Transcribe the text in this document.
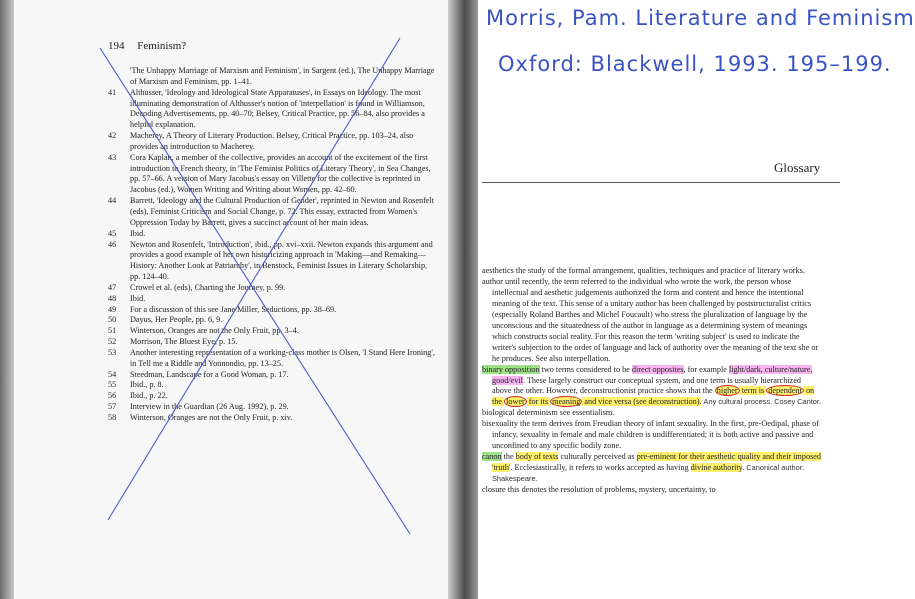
194 Feminism?
'The Unhappy Marriage of Marxism and Feminism', in Sargent (ed.), The Unhappy Marriage of Marxism and Feminism, pp. 1–41.
41	Althusser, 'Ideology and Ideological State Apparatuses', in Essays on Ideology. The most illuminating demonstration of Althusser's notion of 'interpellation' is found in Williamson, Decoding Advertisements, pp. 40–70; Belsey, Critical Practice, pp. 56–84, also provides a helpful explanation.
42	Macherey, A Theory of Literary Production. Belsey, Critical Practice, pp. 103–24, also provides an introduction to Macherey.
43	Cora Kaplan, a member of the collective, provides an account of the excitement of the first introduction to French theory, in 'The Feminist Politics of Literary Theory', in Sea Changes, pp. 57–66. A version of Mary Jacobus's essay on Villette for the collective is reprinted in Jacobus (ed.), Women Writing and Writing about Women, pp. 42–60.
44	Barrett, 'Ideology and the Cultural Production of Gender', reprinted in Newton and Rosenfelt (eds), Feminist Criticism and Social Change, p. 72. This essay, extracted from Women's Oppression Today by Barrett, gives a succinct account of her main ideas.
45	Ibid.
46	Newton and Rosenfelt, 'Introduction', ibid., pp. xvi–xxii. Newton expands this argument and provides a good example of her own historicizing approach in 'Making—and Remaking—History: Another Look at Patriarchy', in Benstock, Feminist Issues in Literary Scholarship, pp. 124–40.
47	Crowel et al. (eds), Charting the Journey, p. 99.
48	Ibid.
49	For a discussion of this see Jane Miller, Seductions, pp. 38–69.
50	Dayus, Her People, pp. 6, 9.
51	Winterson, Oranges are not the Only Fruit, pp. 3–4.
52	Morrison, The Bluest Eye, p. 15.
53	Another interesting representation of a working-class mother is Olsen, 'I Stand Here Ironing', in Tell me a Riddle and Yonnondio, pp. 13–25.
54	Steedman, Landscape for a Good Woman, p. 17.
55	Ibid., p. 8.
56	Ibid., p. 22.
57	Interview in the Guardian (26 Aug. 1992), p. 29.
58	Winterson, Oranges are not the Only Fruit, p. xiv.
Morris, Pam. Literature and Feminism
Oxford: Blackwell, 1993. 195–199.
Glossary

aesthetics the study of the formal arrangement, qualities, techniques and practice of literary works.

author until recently, the term referred to the individual who wrote the work, the person whose intellectual and aesthetic judgements authorized the form and content and hence the intentional meaning of the text. This sense of a unitary author has been challenged by poststructuralist critics (especially Roland Barthes and Michel Foucault) who stress the pluralization of language by the unconscious and the situatedness of the author in language as a determining system of meanings which constructs social reality. For this reason the term 'writing subject' is used to indicate the writer's subjection to the order of language and lack of authority over the meaning of the text she or he produces. See also interpellation.

binary opposition two terms considered to be direct opposites, for example light/dark, culture/nature, good/evil. These largely construct our conceptual system, and one term is usually hierarchized above the other. However, deconstructionist practice shows that the higher term is dependent on the lower for its meaning and vice versa (see deconstruction). Any cultural process. Cosey Cantor.

biological determinism see essentialism.

bisexuality the term derives from Freudian theory of infant sexuality. In the first, pre-Oedipal, phase of infancy, sexuality in female and male children is undifferentiated; it is both active and passive and unconfined to any specific bodily zone.

canon the body of texts culturally perceived as pre-eminent for their aesthetic quality and their imposed 'truth'. Ecclesiastically, it refers to works accepted as having divine authority. Canonical author: Shakespeare.

closure this denotes the resolution of problems, mystery, uncertainty, to
